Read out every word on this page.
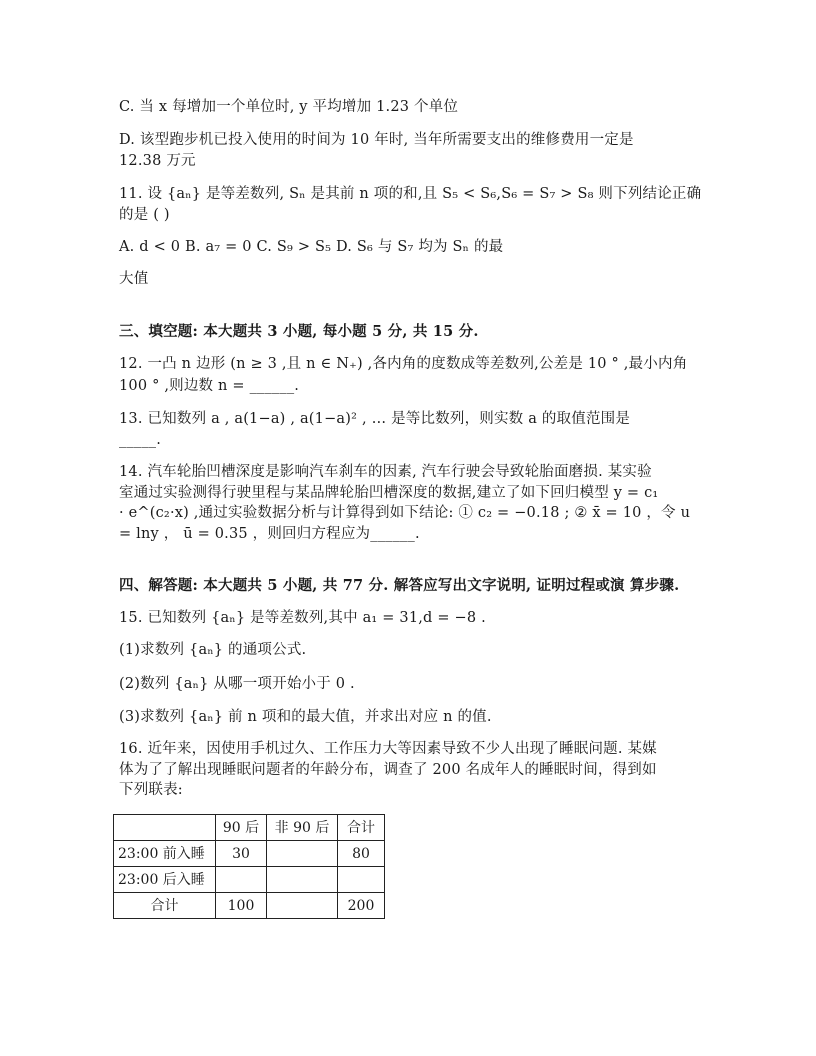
C. 当 x 每增加一个单位时, y 平均增加 1.23 个单位
D. 该型跑步机已投入使用的时间为 10 年时, 当年所需要支出的维修费用一定是
12.38 万元
11. 设 {aₙ} 是等差数列, Sₙ 是其前 n 项的和,且 S₅ < S₆,S₆ = S₇ > S₈ 则下列结论正确
的是 ( )
A. d < 0 B. a₇ = 0 C. S₉ > S₅ D. S₆ 与 S₇ 均为 Sₙ 的最
大值
三、填空题: 本大题共 3 小题, 每小题 5 分, 共 15 分.
12. 一凸 n 边形 (n ≥ 3 ,且 n ∈ N₊) ,各内角的度数成等差数列,公差是 10 ° ,最小内角
100 ° ,则边数 n = ______.
13. 已知数列 a , a(1−a) , a(1−a)² , … 是等比数列，则实数 a 的取值范围是
_____.
14. 汽车轮胎凹槽深度是影响汽车刹车的因素, 汽车行驶会导致轮胎面磨损. 某实验
室通过实验测得行驶里程与某品牌轮胎凹槽深度的数据,建立了如下回归模型 y = c₁
· e^(c₂·x) ,通过实验数据分析与计算得到如下结论: ① c₂ = −0.18 ; ② x̄ = 10 ，令 u
= lny ， ū = 0.35 ，则回归方程应为______.
四、解答题: 本大题共 5 小题, 共 77 分. 解答应写出文字说明, 证明过程或演 算步骤.
15. 已知数列 {aₙ} 是等差数列,其中 a₁ = 31,d = −8 .
(1)求数列 {aₙ} 的通项公式.
(2)数列 {aₙ} 从哪一项开始小于 0 .
(3)求数列 {aₙ} 前 n 项和的最大值，并求出对应 n 的值.
16. 近年来，因使用手机过久、工作压力大等因素导致不少人出现了睡眠问题. 某媒
体为了了解出现睡眠问题者的年龄分布，调查了 200 名成年人的睡眠时间，得到如
下列联表:
	90 后	非 90 后	合计
23:00 前入睡	30		80
23:00 后入睡			
合计	100		200
